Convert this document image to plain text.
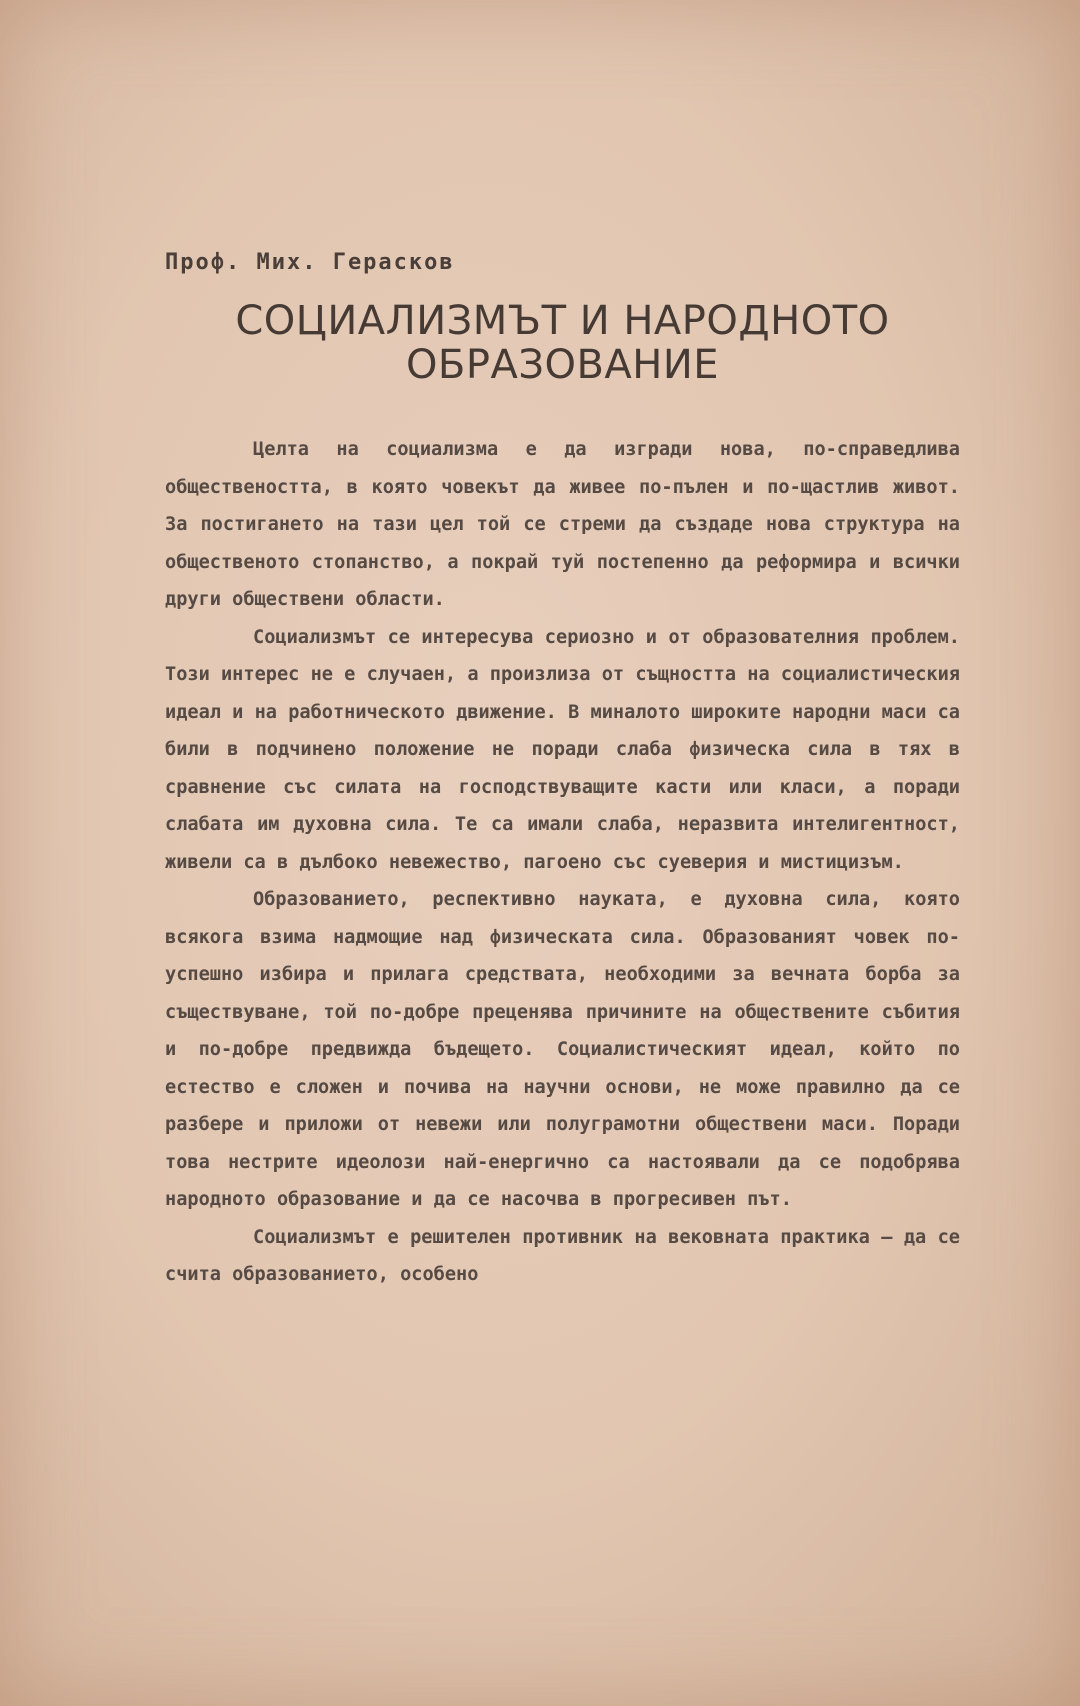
Проф. Мих. Герасков
СОЦИАЛИЗМЪТ И НАРОДНОТО ОБРАЗОВАНИЕ

Целта на социализма е да изгради нова, по-справедлива обществеността, в която човекът да живее по-пълен и по-щастлив живот. За постигането на тази цел той се стреми да създаде нова структура на общественото стопанство, а покрай туй постепенно да реформира и всички други обществени области.

Социализмът се интересува сериозно и от образователния проблем. Този интерес не е случаен, а произлиза от същността на социалистическия идеал и на работническото движение. В миналото широките народни маси са били в подчинено положение не поради слаба физическа сила в тях в сравнение със силата на господствуващите касти или класи, а поради слабата им духовна сила. Те са имали слаба, неразвита интелигентност, живели са в дълбоко невежество, пагоено със суеверия и мистицизъм.

Образованието, респективно науката, е духовна сила, която всякога взима надмощие над физическата сила. Образованият човек по-успешно избира и прилага средствата, необходими за вечната борба за съществуване, той по-добре преценява причините на обществените събития и по-добре предвижда бъдещето. Социалистическият идеал, който по естество е сложен и почива на научни основи, не може правилно да се разбере и приложи от невежи или полуграмотни обществени маси. Поради това нестрите идеолози най-енергично са настоявали да се подобрява народното образование и да се насочва в прогресивен път.

Социализмът е решителен противник на вековната практика — да се счита образованието, особено
